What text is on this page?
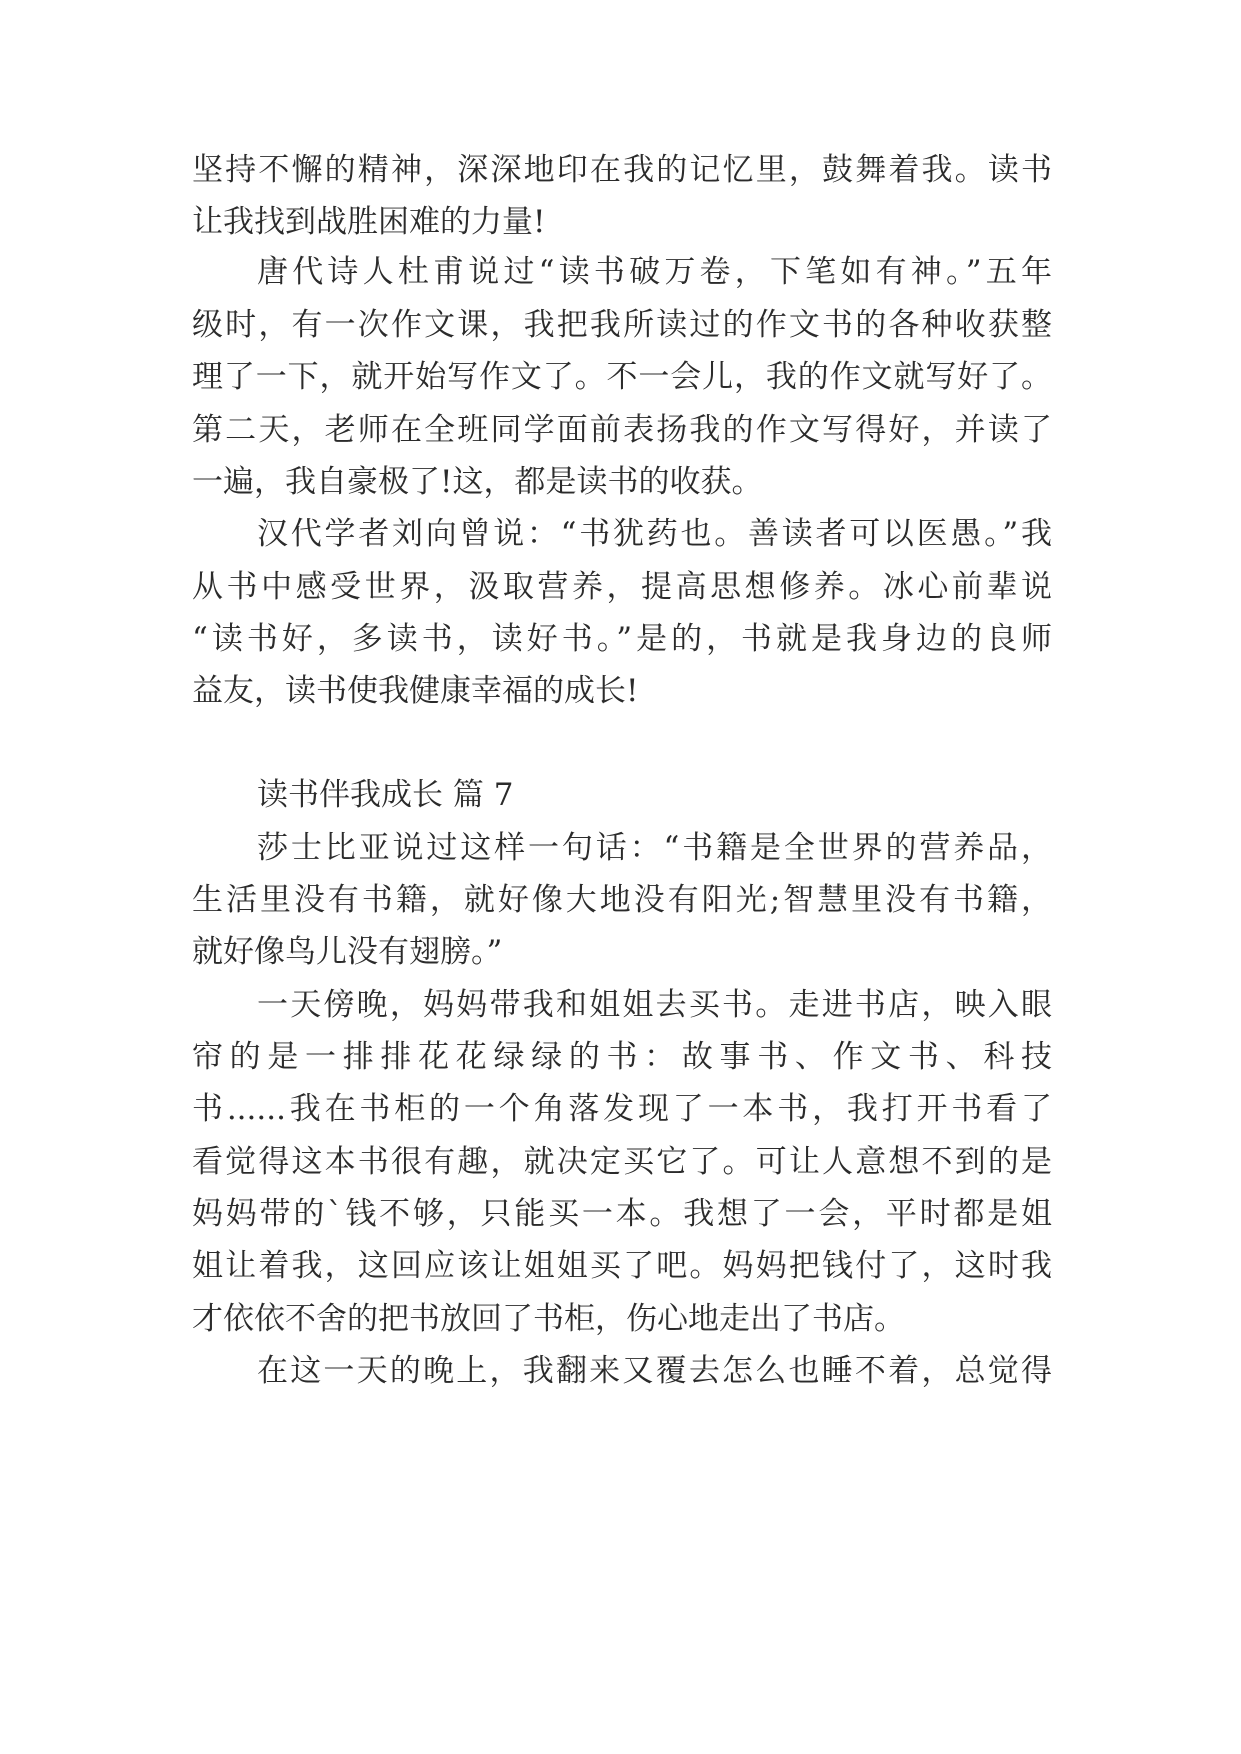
坚持不懈的精神，深深地印在我的记忆里，鼓舞着我。读书
让我找到战胜困难的力量!
唐代诗人杜甫说过“读书破万卷，下笔如有神。”五年
级时，有一次作文课，我把我所读过的作文书的各种收获整
理了一下，就开始写作文了。不一会儿，我的作文就写好了。
第二天，老师在全班同学面前表扬我的作文写得好，并读了
一遍，我自豪极了!这，都是读书的收获。
汉代学者刘向曾说：“书犹药也。善读者可以医愚。”我
从书中感受世界，汲取营养，提高思想修养。冰心前辈说
“读书好，多读书，读好书。”是的，书就是我身边的良师
益友，读书使我健康幸福的成长!
读书伴我成长 篇 7
莎士比亚说过这样一句话：“书籍是全世界的营养品，
生活里没有书籍，就好像大地没有阳光;智慧里没有书籍，
就好像鸟儿没有翅膀。”
一天傍晚，妈妈带我和姐姐去买书。走进书店，映入眼
帘的是一排排花花绿绿的书：故事书、作文书、科技
书......我在书柜的一个角落发现了一本书，我打开书看了
看觉得这本书很有趣，就决定买它了。可让人意想不到的是
妈妈带的`钱不够，只能买一本。我想了一会，平时都是姐
姐让着我，这回应该让姐姐买了吧。妈妈把钱付了，这时我
才依依不舍的把书放回了书柜，伤心地走出了书店。
在这一天的晚上，我翻来又覆去怎么也睡不着，总觉得
